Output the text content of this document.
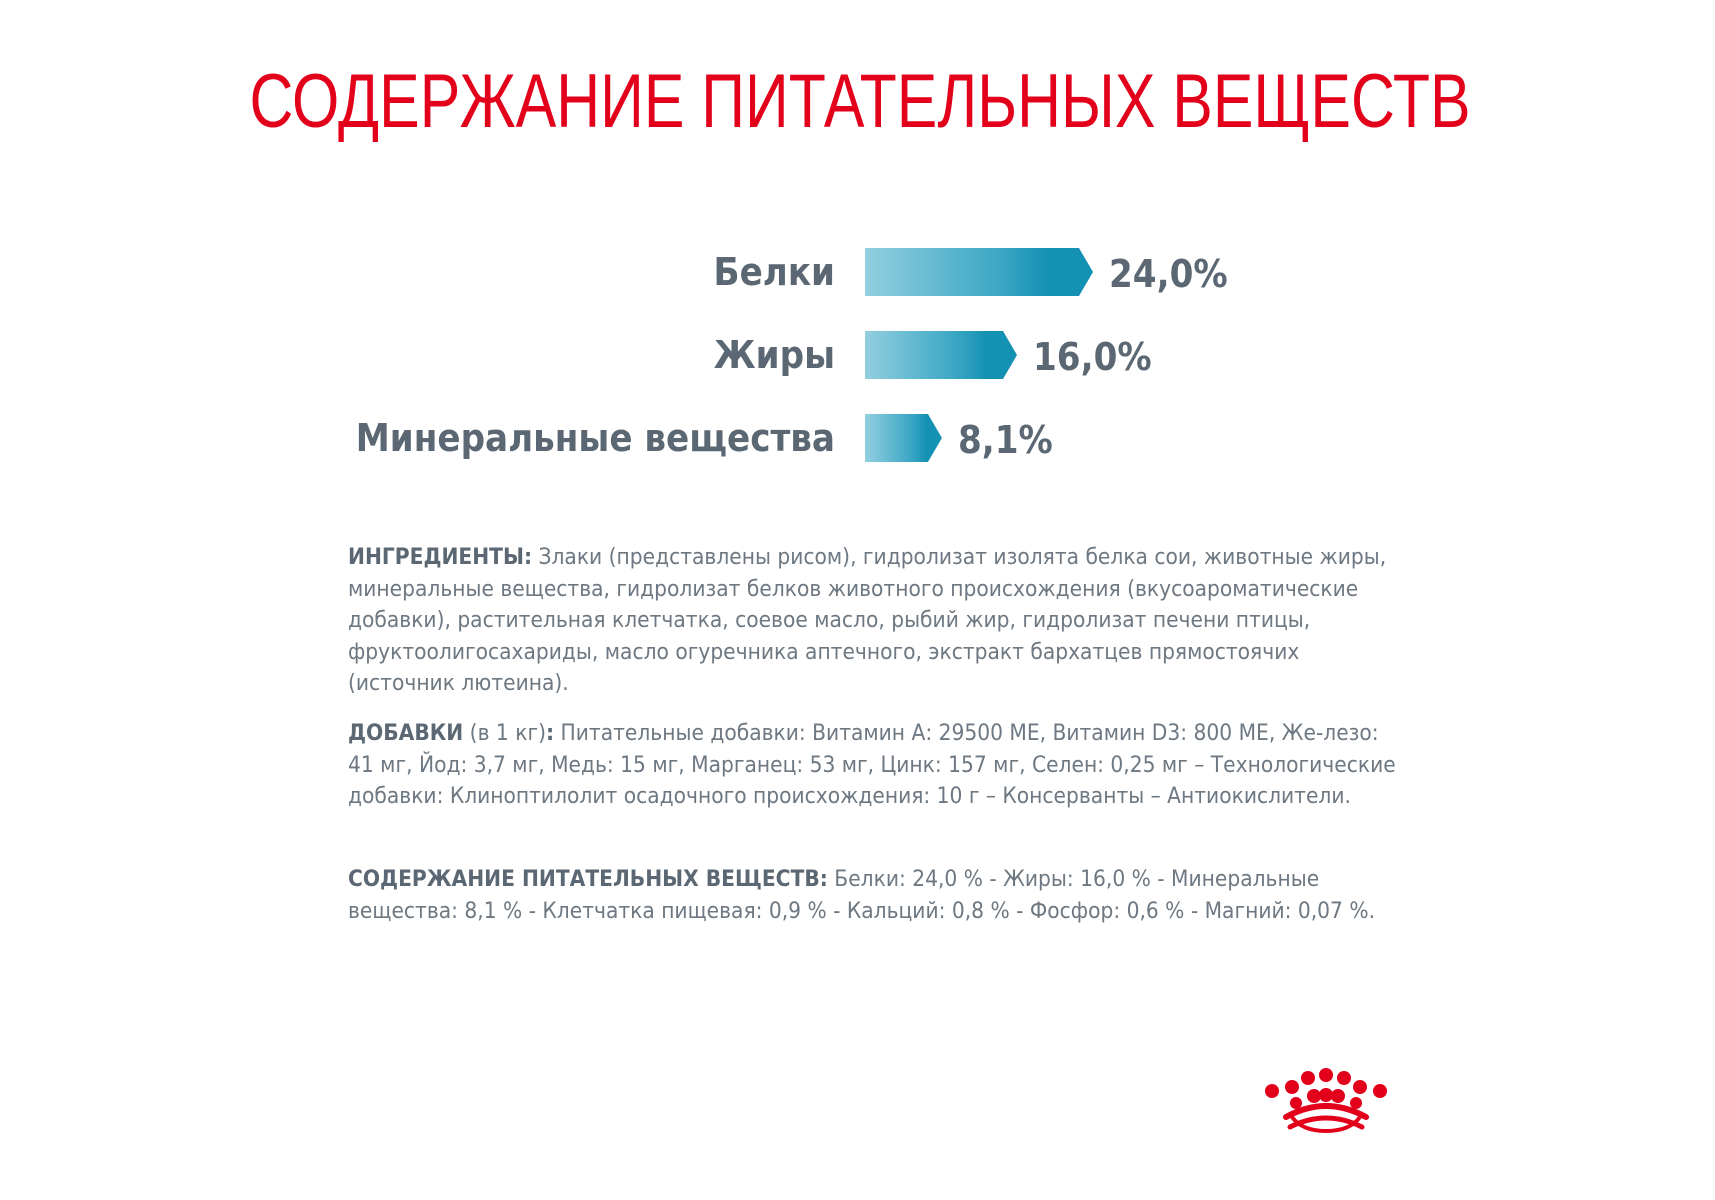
СОДЕРЖАНИЕ ПИТАТЕЛЬНЫХ ВЕЩЕСТВ
Белки	24,0%
Жиры	16,0%
Минеральные вещества	8,1%

ИНГРЕДИЕНТЫ: Злаки (представлены рисом), гидролизат изолята белка сои, животные жиры, минеральные вещества, гидролизат белков животного происхождения (вкусоароматические добавки), растительная клетчатка, соевое масло, рыбий жир, гидролизат печени птицы, фруктоолигосахариды, масло огуречника аптечного, экстракт бархатцев прямостоячих (источник лютеина).

ДОБАВКИ (в 1 кг): Питательные добавки: Витамин А: 29500 МЕ, Витамин D3: 800 МЕ, Же-лезо: 41 мг, Йод: 3,7 мг, Медь: 15 мг, Марганец: 53 мг, Цинк: 157 мг, Селен: 0,25 мг – Технологические добавки: Клиноптилолит осадочного происхождения: 10 г – Консерванты – Антиокислители.

СОДЕРЖАНИЕ ПИТАТЕЛЬНЫХ ВЕЩЕСТВ: Белки: 24,0 % - Жиры: 16,0 % - Минеральные вещества: 8,1 % - Клетчатка пищевая: 0,9 % - Кальций: 0,8 % - Фосфор: 0,6 % - Магний: 0,07 %.
